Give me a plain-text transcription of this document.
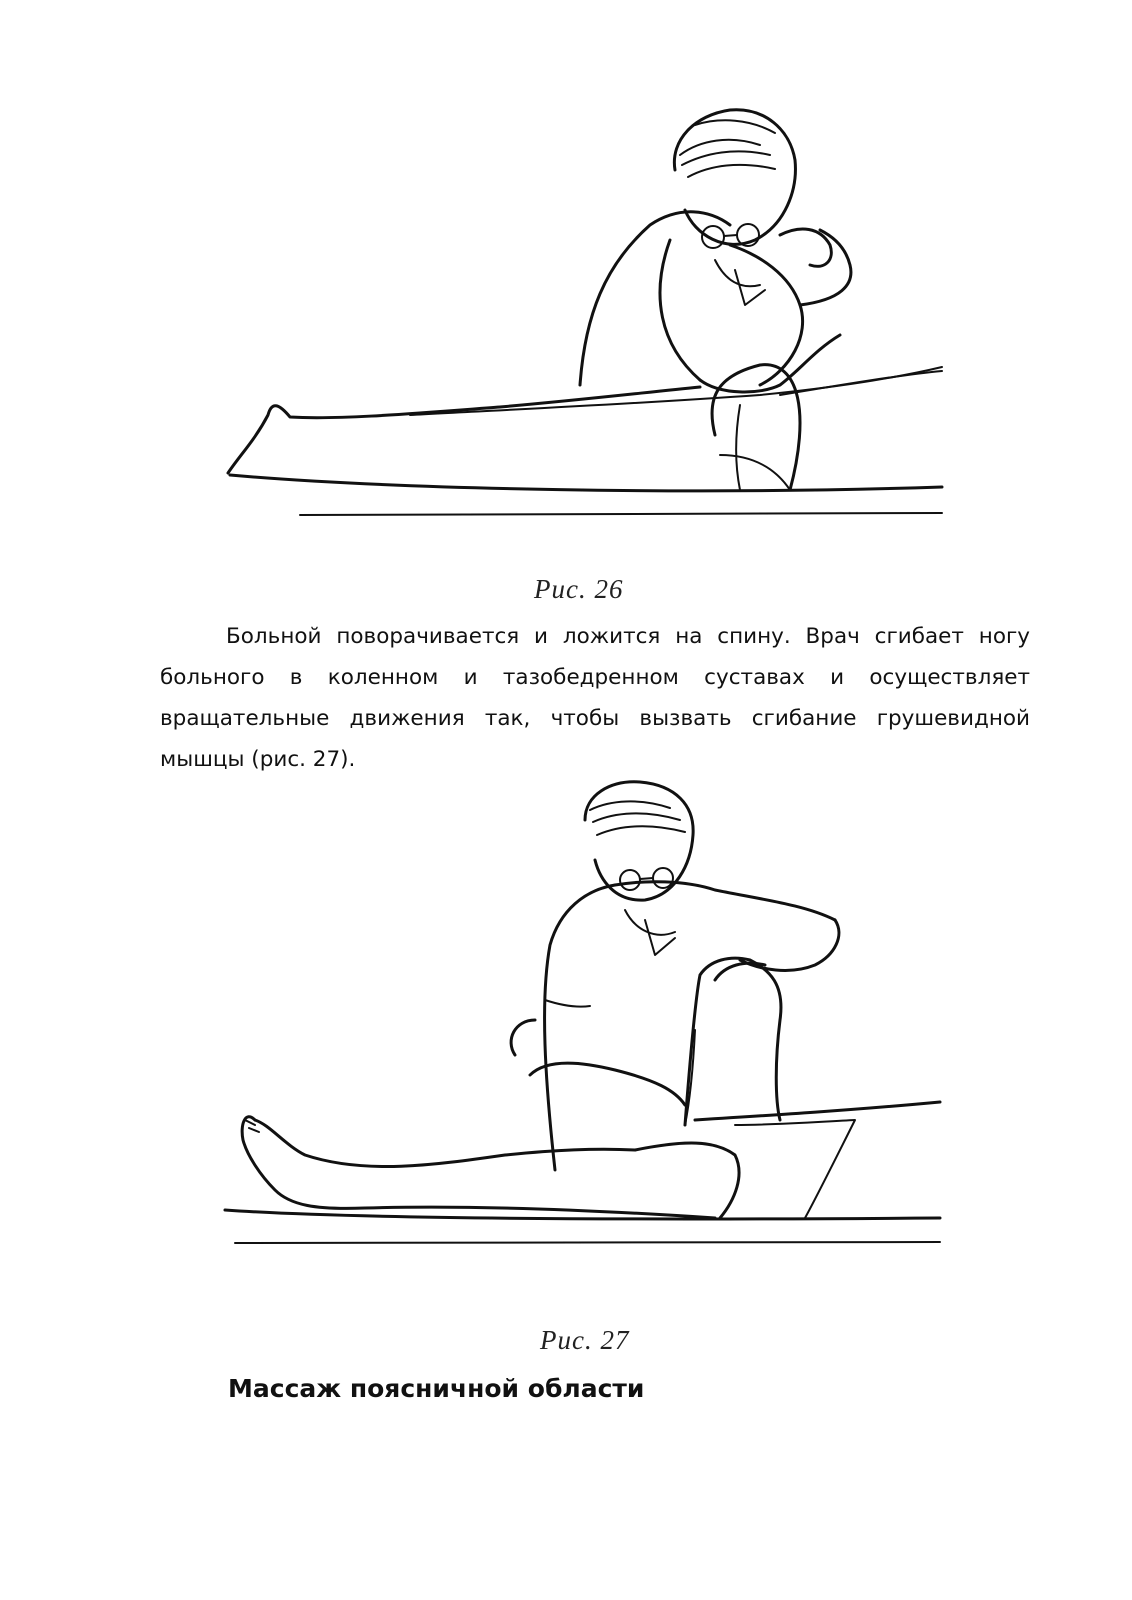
Рис. 26

Больной поворачивается и ложится на спину. Врач сгибает ногу больного в коленном и тазобедренном суставах и осуществляет вращательные движения так, чтобы вызвать сгибание грушевидной мышцы (рис. 27).

Рис. 27
Массаж поясничной области
